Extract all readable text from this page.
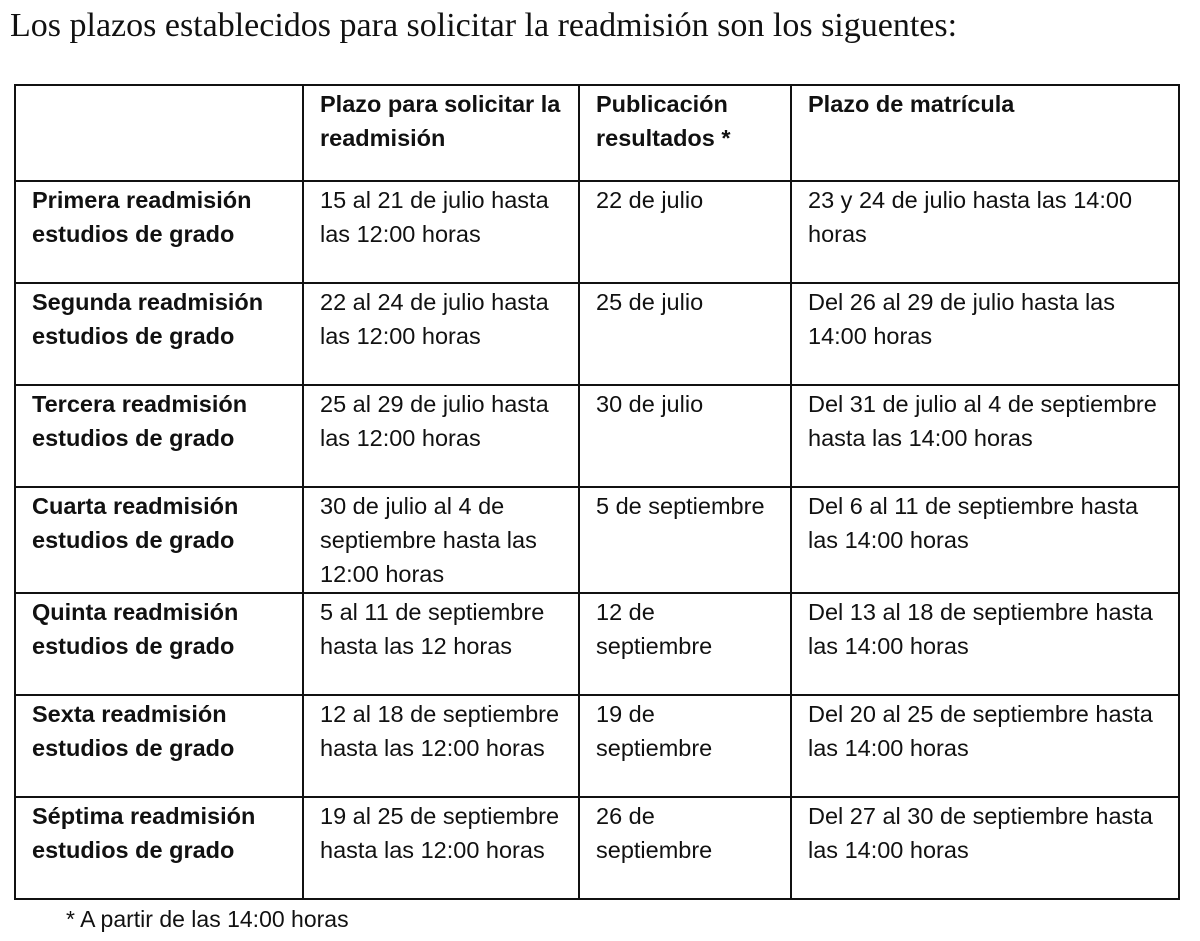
Los plazos establecidos para solicitar la readmisión son los siguentes:

	Plazo para solicitar la readmisión	Publicación resultados *	Plazo de matrícula
Primera readmisión estudios de grado	15 al 21 de julio hasta las 12:00 horas	22 de julio	23 y 24 de julio hasta las 14:00 horas
Segunda readmisión estudios de grado	22 al 24 de julio hasta las 12:00 horas	25 de julio	Del 26 al 29 de julio hasta las 14:00 horas
Tercera readmisión estudios de grado	25 al 29 de julio hasta las 12:00 horas	30 de julio	Del 31 de julio al 4 de septiembre hasta las 14:00 horas
Cuarta readmisión estudios de grado	30 de julio al 4 de septiembre hasta las 12:00 horas	5 de septiembre	Del 6 al 11 de septiembre hasta las 14:00 horas
Quinta readmisión estudios de grado	5 al 11 de septiembre hasta las 12 horas	12 de septiembre	Del 13 al 18 de septiembre hasta las 14:00 horas
Sexta readmisión estudios de grado	12 al 18 de septiembre hasta las 12:00 horas	19 de septiembre	Del 20 al 25 de septiembre hasta las 14:00 horas
Séptima readmisión estudios de grado	19 al 25 de septiembre hasta las 12:00 horas	26 de septiembre	Del 27 al 30 de septiembre hasta las 14:00 horas

* A partir de las 14:00 horas
